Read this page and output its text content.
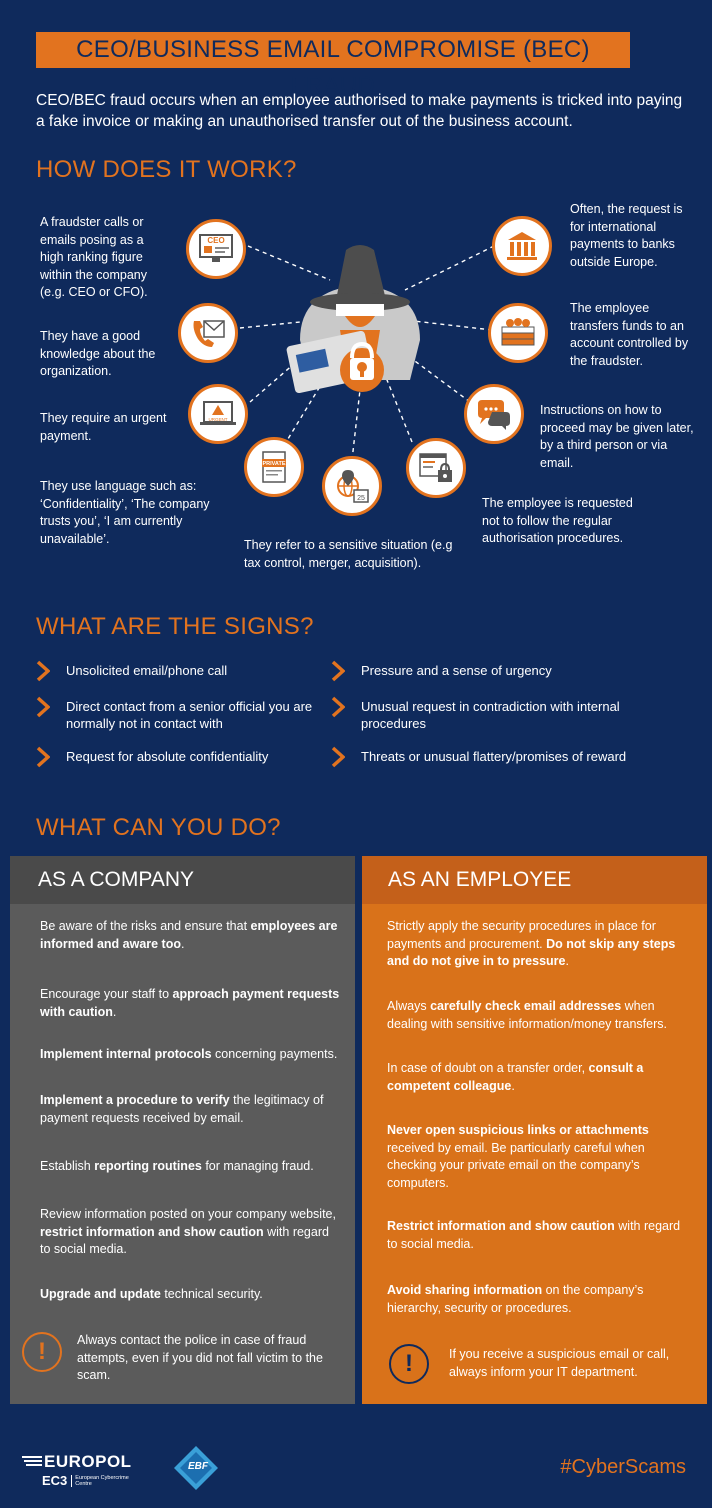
CEO/BUSINESS EMAIL COMPROMISE (BEC) FRAUD
CEO/BEC fraud occurs when an employee authorised to make payments is tricked into paying a fake invoice or making an unauthorised transfer out of the business account.
HOW DOES IT WORK?
A fraudster calls or emails posing as a high ranking figure within the company (e.g. CEO or CFO).
They have a good knowledge about the organization.
They require an urgent payment.
They use language such as: ‘Confidentiality’, ‘The company trusts you’, ‘I am currently unavailable’.	They refer to a sensitive situation (e.g tax control, merger, acquisition).
Often, the request is for international payments to banks outside Europe.
The employee transfers funds to an account controlled by the fraudster.
Instructions on how to proceed may be given later, by a third person or via email.
The employee is requested not to follow the regular authorisation procedures.
CEO
URGENT
PRIVATE
25
WHAT ARE THE SIGNS?
Unsolicited email/phone call
Direct contact from a senior official you are normally not in contact with
Request for absolute confidentiality
Pressure and a sense of urgency
Unusual request in contradiction with internal procedures
Threats or unusual flattery/promises of reward
WHAT CAN YOU DO?
AS A COMPANY
Be aware of the risks and ensure that employees are informed and aware too.
Encourage your staff to approach payment requests with caution.
Implement internal protocols concerning payments.
Implement a procedure to verify the legitimacy of payment requests received by email.
Establish reporting routines for managing fraud.
Review information posted on your company website, restrict information and show caution with regard to social media.
Upgrade and update technical security.
!	Always contact the police in case of fraud attempts, even if you did not fall victim to the scam.
AS AN EMPLOYEE
Strictly apply the security procedures in place for payments and procurement. Do not skip any steps and do not give in to pressure.
Always carefully check email addresses when dealing with sensitive information/money transfers.
In case of doubt on a transfer order, consult a competent colleague.
Never open suspicious links or attachments received by email. Be particularly careful when checking your private email on the company’s computers.
Restrict information and show caution with regard to social media.
Avoid sharing information on the company’s hierarchy, security or procedures.
!	If you receive a suspicious email or call, always inform your IT department.
EUROPOL
EC3 European Cybercrime
Centre
EBF	#CyberScams
